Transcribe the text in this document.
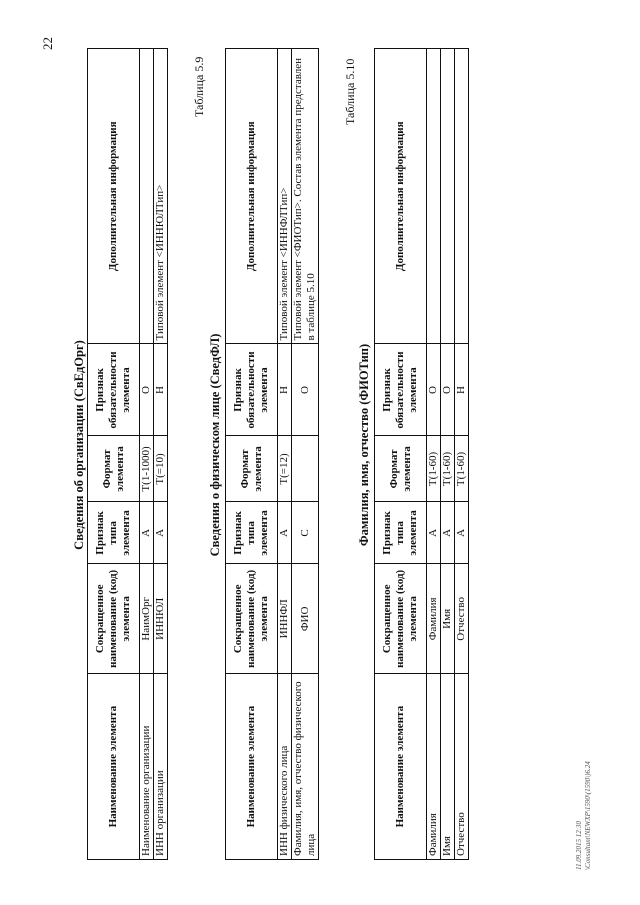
22
11.09.2015 12:30 \Consultant\NEWXP\1590\(1590\)6.24
Сведения об организации (СвЕдОрг)
Наименование элемента	Сокращенное наименование (код) элемента	Признак типа элемента	Формат элемента	Признак обязательности элемента	Дополнительная информация
Наименование организации	НаимОрг	А	T(1-1000)	О	
ИНН организации	ИННЮЛ	А	T(=10)	Н	Типовой элемент <ИННЮЛТип>
Таблица 5.9
Сведения о физическом лице (СведФЛ)
Наименование элемента	Сокращенное наименование (код) элемента	Признак типа элемента	Формат элемента	Признак обязательности элемента	Дополнительная информация
ИНН физического лица	ИННФЛ	А	T(=12)	Н	Типовой элемент <ИННФЛТип>
Фамилия, имя, отчество физического лица	ФИО	С		О	Типовой элемент <ФИОТип>. Состав элемента представлен в таблице 5.10
Таблица 5.10
Фамилия, имя, отчество (ФИОТип)
Наименование элемента	Сокращенное наименование (код) элемента	Признак типа элемента	Формат элемента	Признак обязательности элемента	Дополнительная информация
Фамилия	Фамилия	А	T(1-60)	О	
Имя	Имя	А	T(1-60)	О	
Отчество	Отчество	А	T(1-60)	Н	
